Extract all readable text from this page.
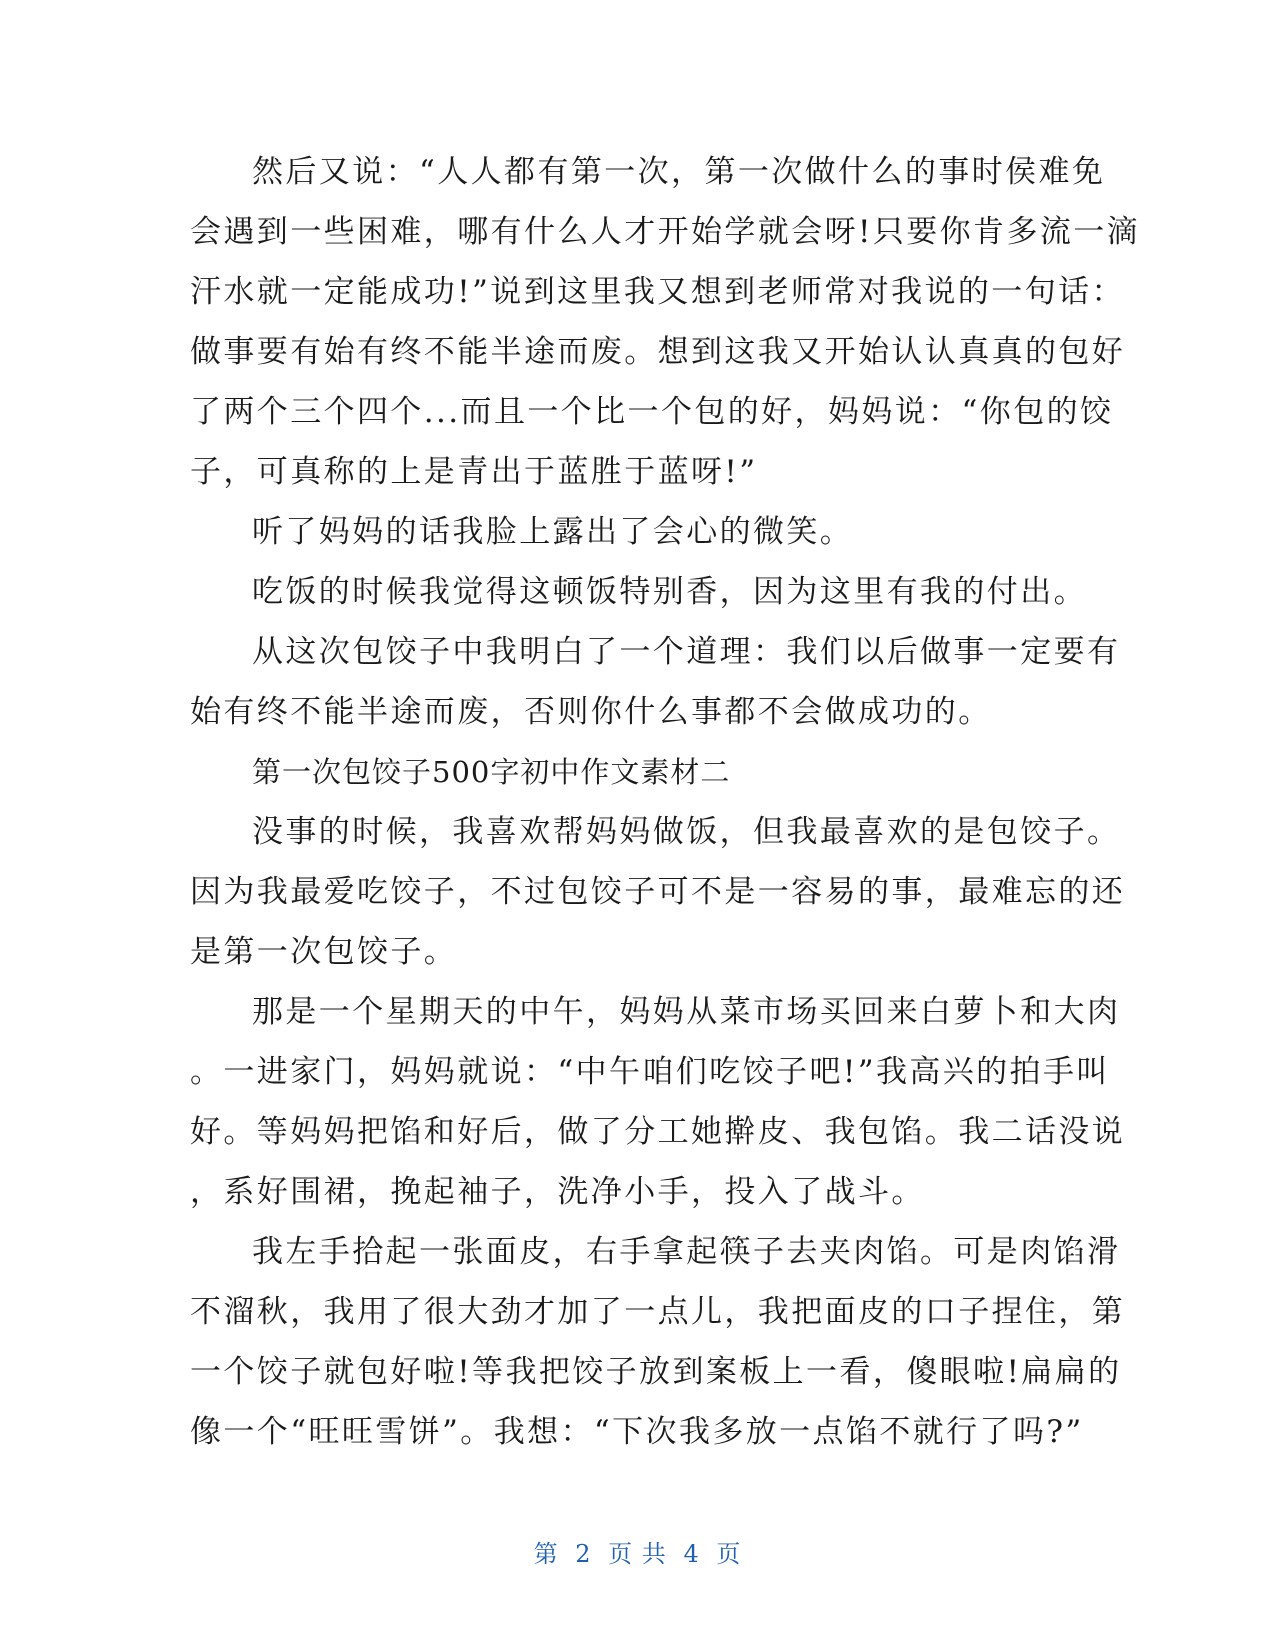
然后又说：“人人都有第一次，第一次做什么的事时侯难免
会遇到一些困难，哪有什么人才开始学就会呀!只要你肯多流一滴
汗水就一定能成功!”说到这里我又想到老师常对我说的一句话：
做事要有始有终不能半途而废。想到这我又开始认认真真的包好
了两个三个四个...而且一个比一个包的好，妈妈说：“你包的饺
子，可真称的上是青出于蓝胜于蓝呀!”
听了妈妈的话我脸上露出了会心的微笑。
吃饭的时候我觉得这顿饭特别香，因为这里有我的付出。
从这次包饺子中我明白了一个道理：我们以后做事一定要有
始有终不能半途而废，否则你什么事都不会做成功的。
第一次包饺子500字初中作文素材二
没事的时候，我喜欢帮妈妈做饭，但我最喜欢的是包饺子。
因为我最爱吃饺子，不过包饺子可不是一容易的事，最难忘的还
是第一次包饺子。
那是一个星期天的中午，妈妈从菜市场买回来白萝卜和大肉
。一进家门，妈妈就说：“中午咱们吃饺子吧!”我高兴的拍手叫
好。等妈妈把馅和好后，做了分工她擀皮、我包馅。我二话没说
，系好围裙，挽起袖子，洗净小手，投入了战斗。
我左手拾起一张面皮，右手拿起筷子去夹肉馅。可是肉馅滑
不溜秋，我用了很大劲才加了一点儿，我把面皮的口子捏住，第
一个饺子就包好啦!等我把饺子放到案板上一看，傻眼啦!扁扁的
像一个“旺旺雪饼”。我想：“下次我多放一点馅不就行了吗?”
第 2 页 共 4 页
